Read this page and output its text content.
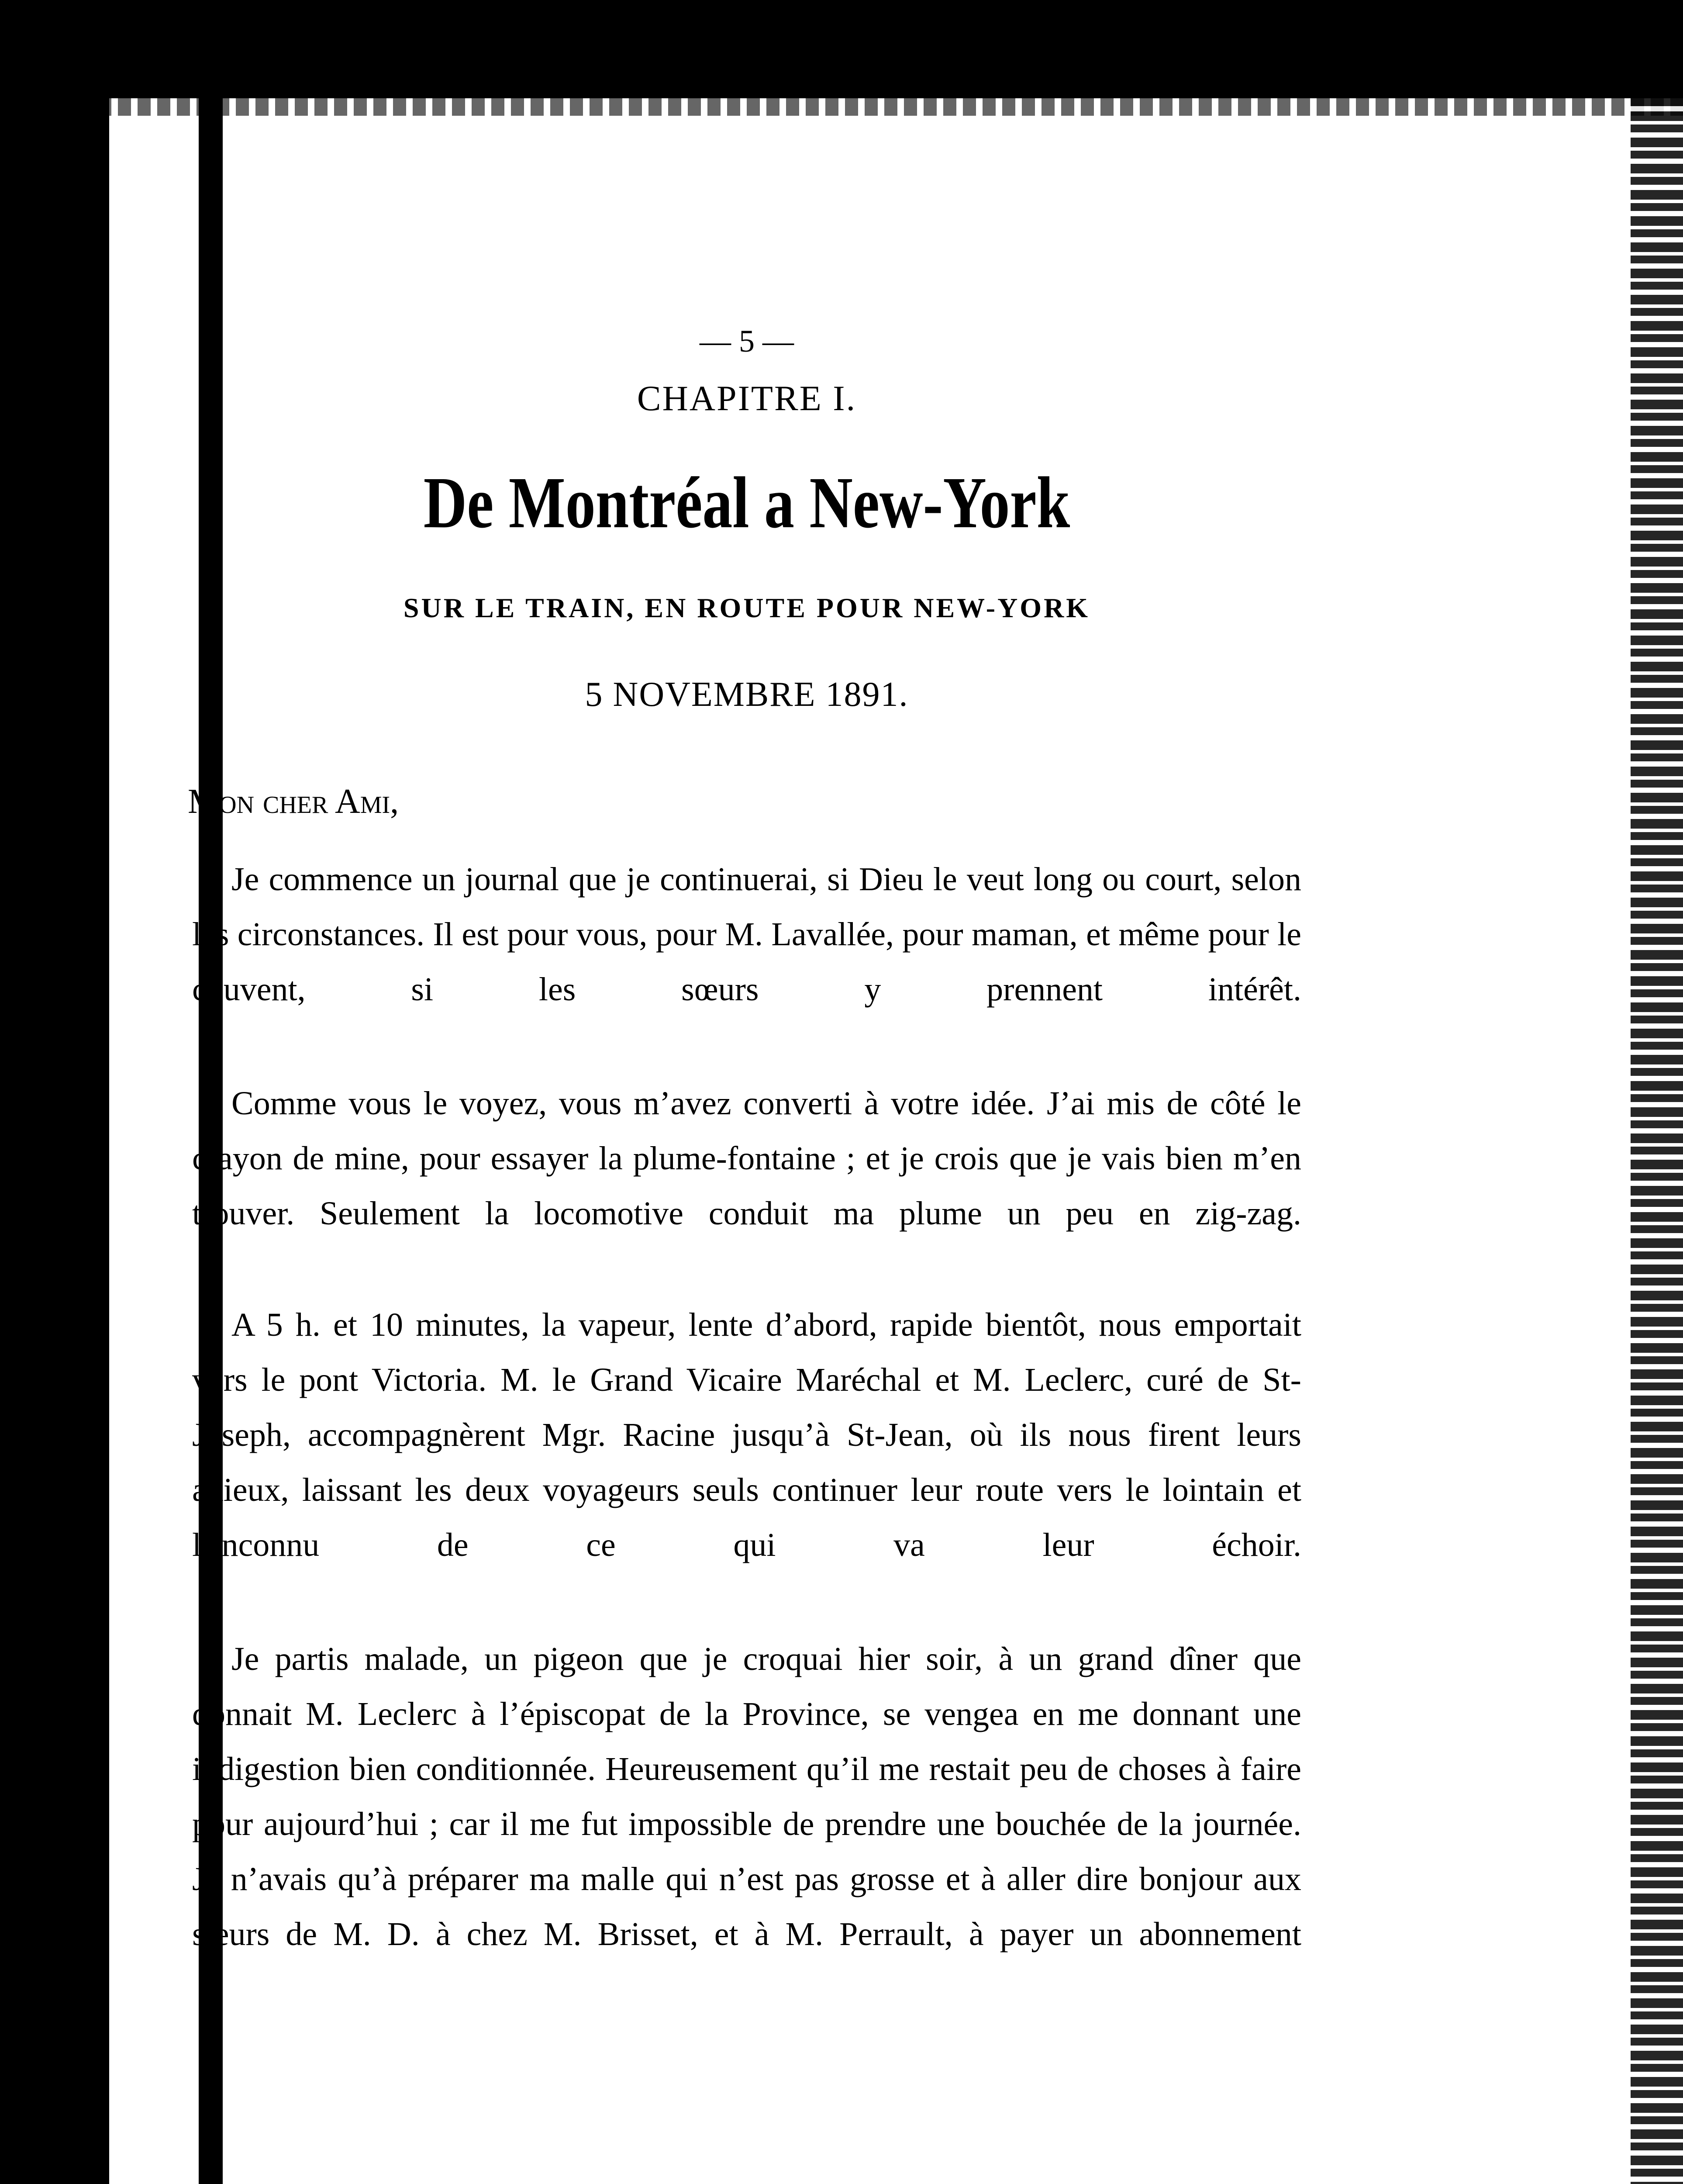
— 5 —
CHAPITRE I.
De Montréal a New-York
SUR LE TRAIN, EN ROUTE POUR NEW-YORK
5 NOVEMBRE 1891.
Mon cher Ami,

Je commence un journal que je continuerai, si Dieu le veut long ou court, selon les circonstances. Il est pour vous, pour M. Lavallée, pour maman, et même pour le couvent, si les sœurs y prennent intérêt.

Comme vous le voyez, vous m’avez converti à votre idée. J’ai mis de côté le crayon de mine, pour essayer la plume-fontaine ; et je crois que je vais bien m’en trouver. Seulement la locomotive conduit ma plume un peu en zig-zag.

A 5 h. et 10 minutes, la vapeur, lente d’abord, rapide bientôt, nous emportait vers le pont Victoria. M. le Grand Vicaire Maréchal et M. Leclerc, curé de St-Joseph, accompagnèrent Mgr. Racine jusqu’à St-Jean, où ils nous firent leurs adieux, laissant les deux voyageurs seuls continuer leur route vers le lointain et l’inconnu de ce qui va leur échoir.

Je partis malade, un pigeon que je croquai hier soir, à un grand dîner que donnait M. Leclerc à l’épiscopat de la Province, se vengea en me donnant une indigestion bien conditionnée. Heureusement qu’il me restait peu de choses à faire pour aujourd’hui ; car il me fut impossible de prendre une bouchée de la journée. Je n’avais qu’à préparer ma malle qui n’est pas grosse et à aller dire bonjour aux sœurs de M. D. à chez M. Brisset, et à M. Perrault, à payer un abonnement
